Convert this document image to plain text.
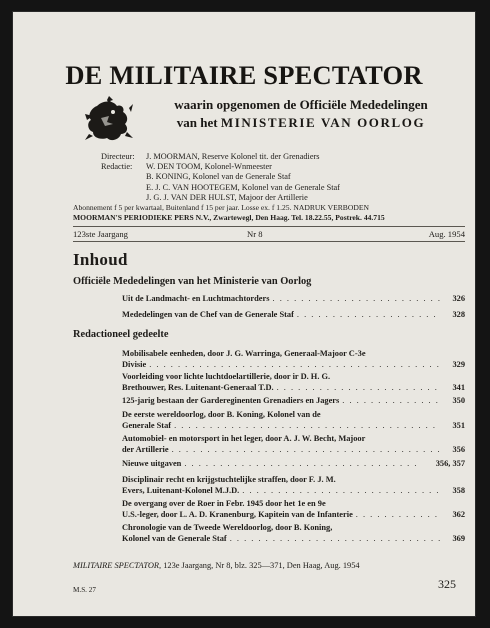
DE MILITAIRE SPECTATOR
waarin opgenomen de Officiële Mededelingen
van het MINISTERIE VAN OORLOG
Directeur:	J. MOORMAN, Reserve Kolonel tit. der Grenadiers
Redactie:	W. DEN TOOM, Kolonel-Wnmeester
B. KONING, Kolonel van de Generale Staf
E. J. C. VAN HOOTEGEM, Kolonel van de Generale Staf
J. G. J. VAN DER HULST, Majoor der Artillerie
Abonnement f 5 per kwartaal, Buitenland f 15 per jaar. Losse ex. f 1.25. NADRUK VERBODEN
MOORMAN'S PERIODIEKE PERS N.V., Zwartewegl, Den Haag. Tel. 18.22.55, Postrek. 44.715
123ste Jaargang	Nr 8	Aug. 1954
Inhoud
MILITAIRE SPECTATOR, 123e Jaargang, Nr 8, blz. 325—371, Den Haag, Aug. 1954
M.S. 27	325
Officiële Mededelingen van het Ministerie van Oorlog
Uit de Landmacht- en Luchtmachtorders . . .	326
Mededelingen van de Chef van de Generale Staf . . .	328
Redactioneel gedeelte
Mobilisabele eenheden, door J. G. Warringa, Generaal-Majoor C-3e
Divisie . . .	329
Voorleiding voor lichte luchtdoelartillerie, door ir D. H. G.
Brethouwer, Res. Luitenant-Generaal T.D. . . .	341
125-jarig bestaan der Gardereginenten Grenadiers en Jagers . . .	350
De eerste wereldoorlog, door B. Koning, Kolonel van de
Generale Staf . . .	351
Automobiel- en motorsport in het leger, door A. J. W. Becht, Majoor
der Artillerie . . .	356
Nieuwe uitgaven . . .	356, 357
Disciplinair recht en krijgstuchtelijke straffen, door F. J. M.
Evers, Luitenant-Kolonel M.J.D. . . .	358
De overgang over de Roer in Febr. 1945 door het 1e en 9e
U.S.-leger, door L. A. D. Kranenburg, Kapitein van de Infanterie . . .	362
Chronologie van de Tweede Wereldoorlog, door B. Koning,
Kolonel van de Generale Staf . . .	369
